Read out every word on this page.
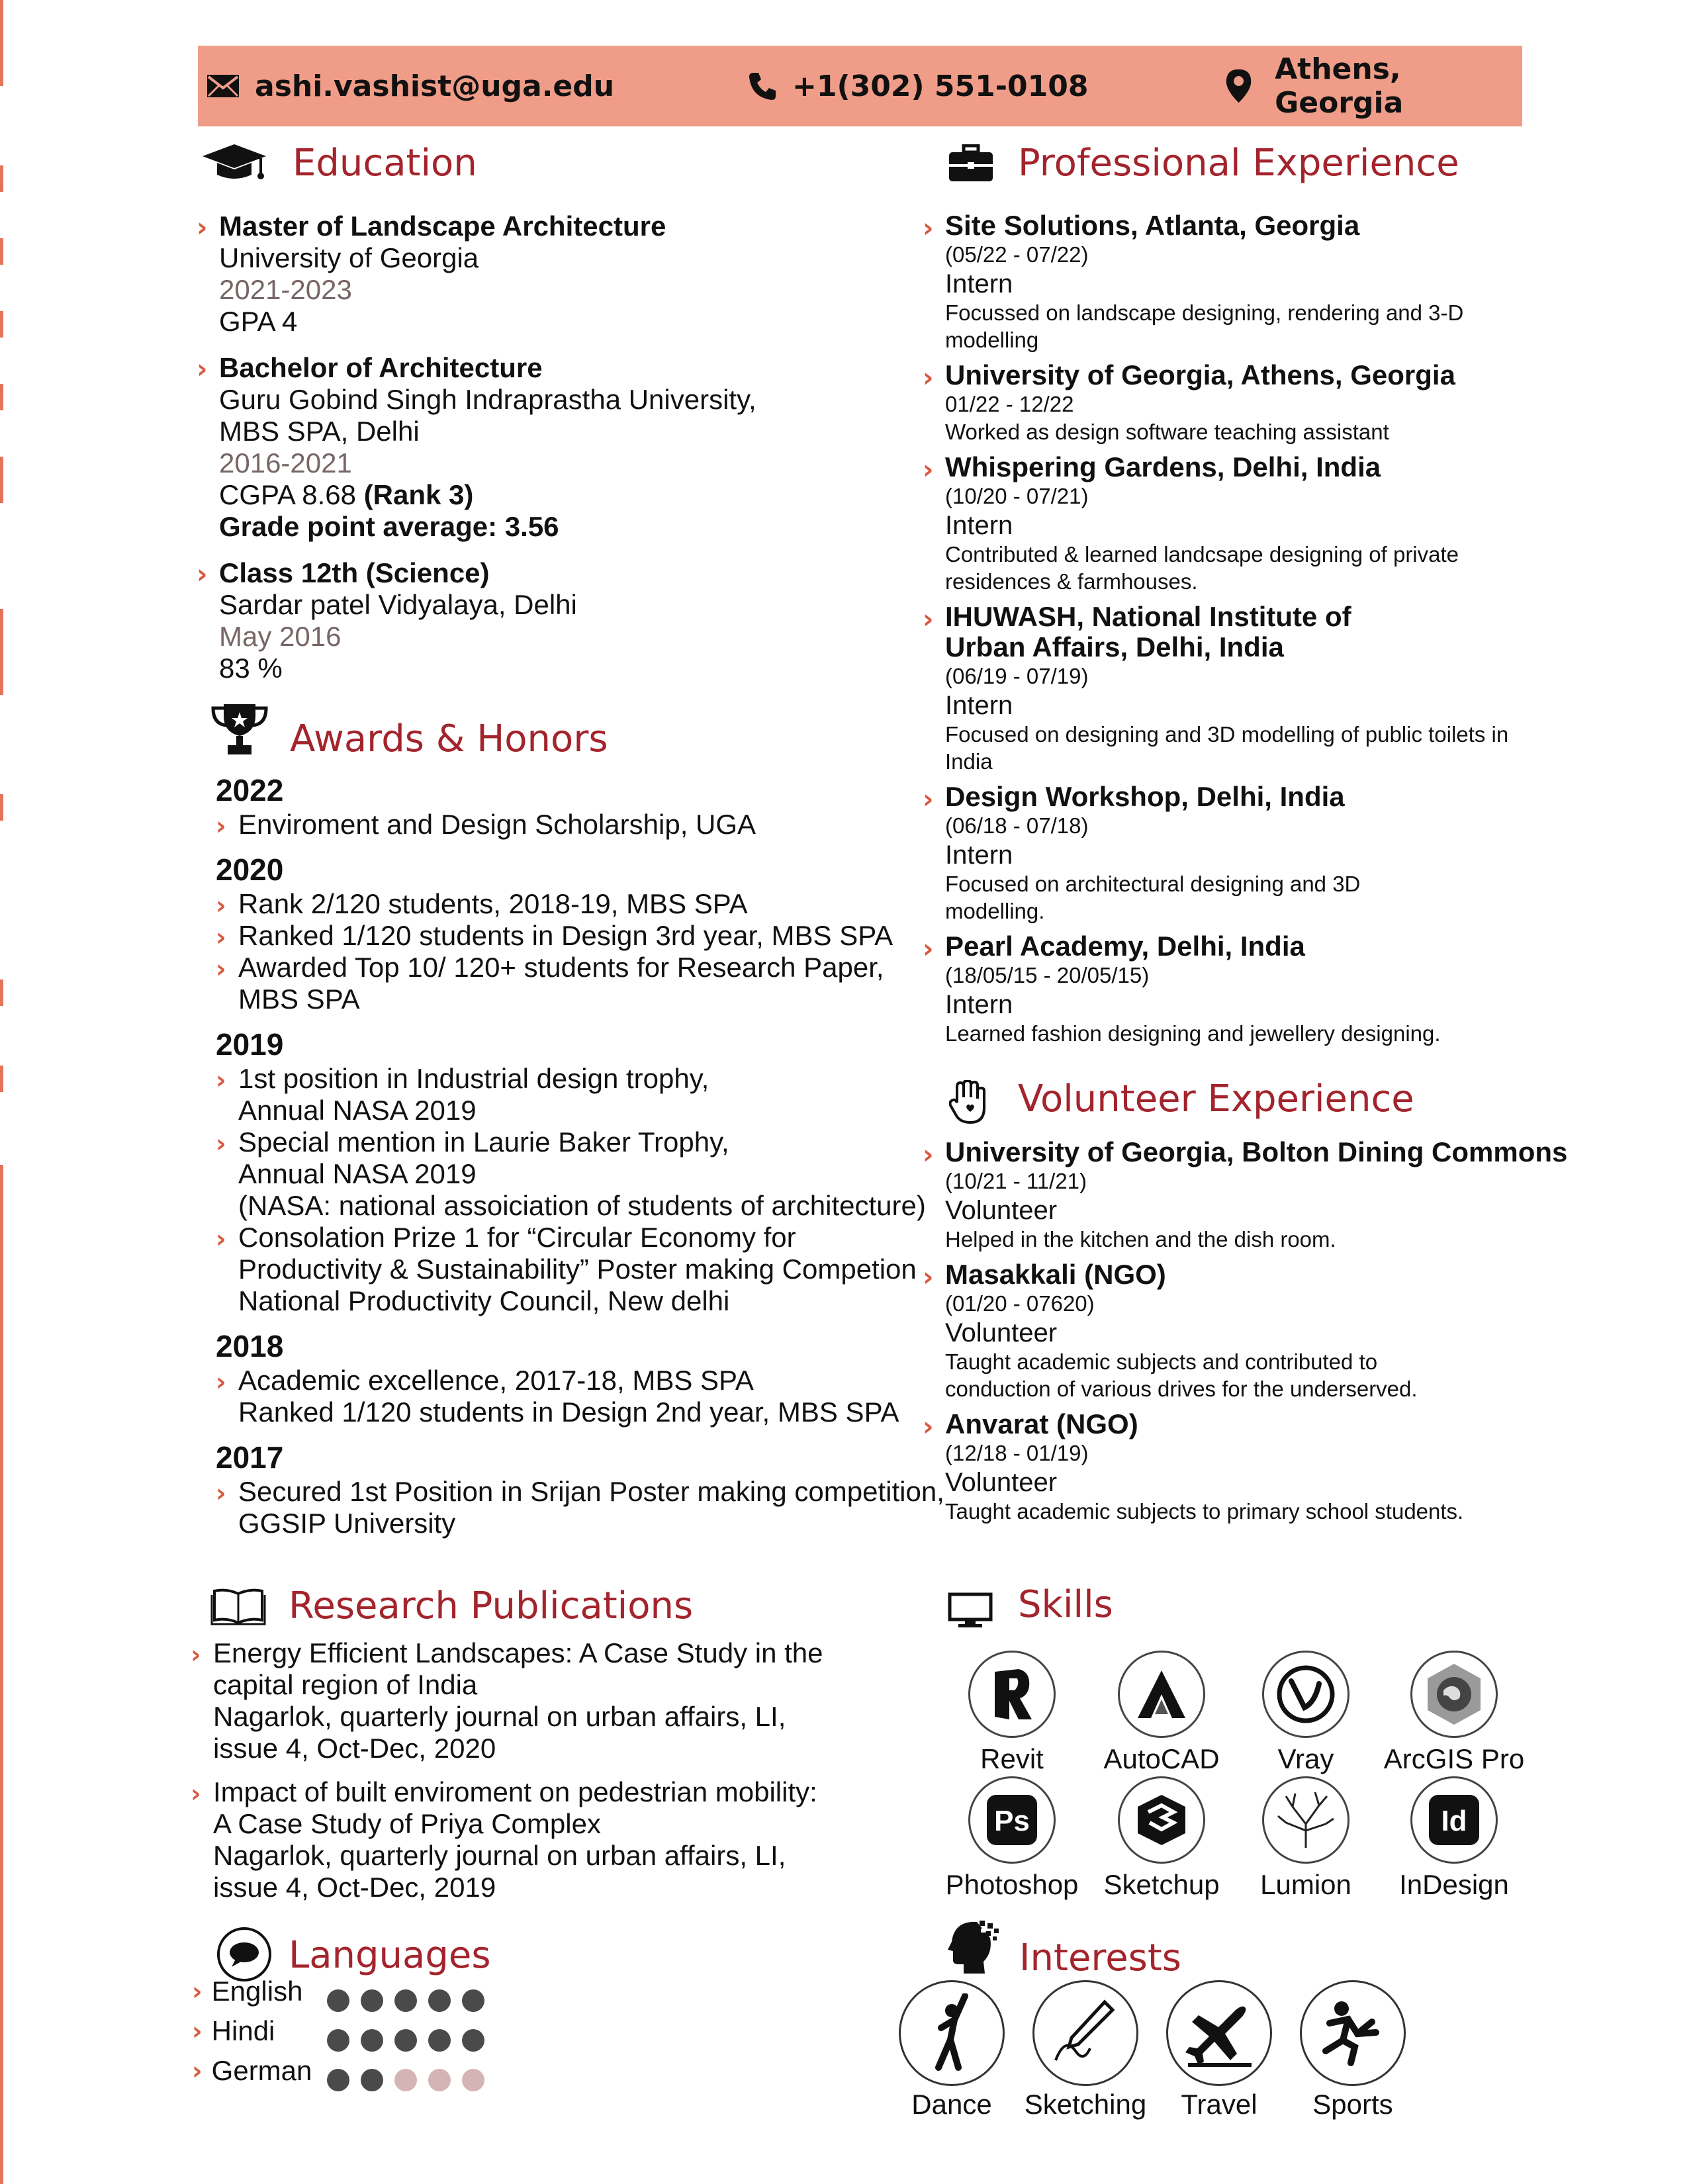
ashi.vashist@uga.edu	+1(302) 551-0108	Athens, Georgia
Education
› Master of Landscape Architecture
University of Georgia
2021-2023
GPA 4
› Bachelor of Architecture
Guru Gobind Singh Indraprastha University,
MBS SPA, Delhi
2016-2021
CGPA 8.68 (Rank 3)
Grade point average: 3.56
› Class 12th (Science)
Sardar patel Vidyalaya, Delhi
May 2016
83 %
Awards & Honors
2022
› Enviroment and Design Scholarship, UGA
2020
› Rank 2/120 students, 2018-19, MBS SPA
› Ranked 1/120 students in Design 3rd year, MBS SPA
› Awarded Top 10/ 120+ students for Research Paper,
MBS SPA
2019
› 1st position in Industrial design trophy,
Annual NASA 2019
› Special mention in Laurie Baker Trophy,
Annual NASA 2019
(NASA: national assoiciation of students of architecture)
› Consolation Prize 1 for “Circular Economy for
Productivity & Sustainability” Poster making Competion
National Productivity Council, New delhi
2018
› Academic excellence, 2017-18, MBS SPA
Ranked 1/120 students in Design 2nd year, MBS SPA
2017
› Secured 1st Position in Srijan Poster making competition,
GGSIP University
Research Publications
› Energy Efficient Landscapes: A Case Study in the
capital region of India
Nagarlok, quarterly journal on urban affairs, LI,
issue 4, Oct-Dec, 2020
› Impact of built enviroment on pedestrian mobility:
A Case Study of Priya Complex
Nagarlok, quarterly journal on urban affairs, LI,
issue 4, Oct-Dec, 2019
Languages
› English
› Hindi
› German
Professional Experience
› Site Solutions, Atlanta, Georgia
(05/22 - 07/22)
Intern
Focussed on landscape designing, rendering and 3-D
modelling
› University of Georgia, Athens, Georgia
01/22 - 12/22
Worked as design software teaching assistant
› Whispering Gardens, Delhi, India
(10/20 - 07/21)
Intern
Contributed & learned landcsape designing of private
residences & farmhouses.
› IHUWASH, National Institute of
Urban Affairs, Delhi, India
(06/19 - 07/19)
Intern
Focused on designing and 3D modelling of public toilets in
India
› Design Workshop, Delhi, India
(06/18 - 07/18)
Intern
Focused on architectural designing and 3D
modelling.
› Pearl Academy, Delhi, India
(18/05/15 - 20/05/15)
Intern
Learned fashion designing and jewellery designing.
Volunteer Experience
› University of Georgia, Bolton Dining Commons
(10/21 - 11/21)
Volunteer
Helped in the kitchen and the dish room.
› Masakkali (NGO)
(01/20 - 07620)
Volunteer
Taught academic subjects and contributed to
conduction of various drives for the underserved.
› Anvarat (NGO)
(12/18 - 01/19)
Volunteer
Taught academic subjects to primary school students.
Skills
Revit	AutoCAD	Vray	ArcGIS Pro
Ps
Photoshop Sketchup	Lumion
Id
InDesign
Interests
Dance	Sketching	Travel	Sports
